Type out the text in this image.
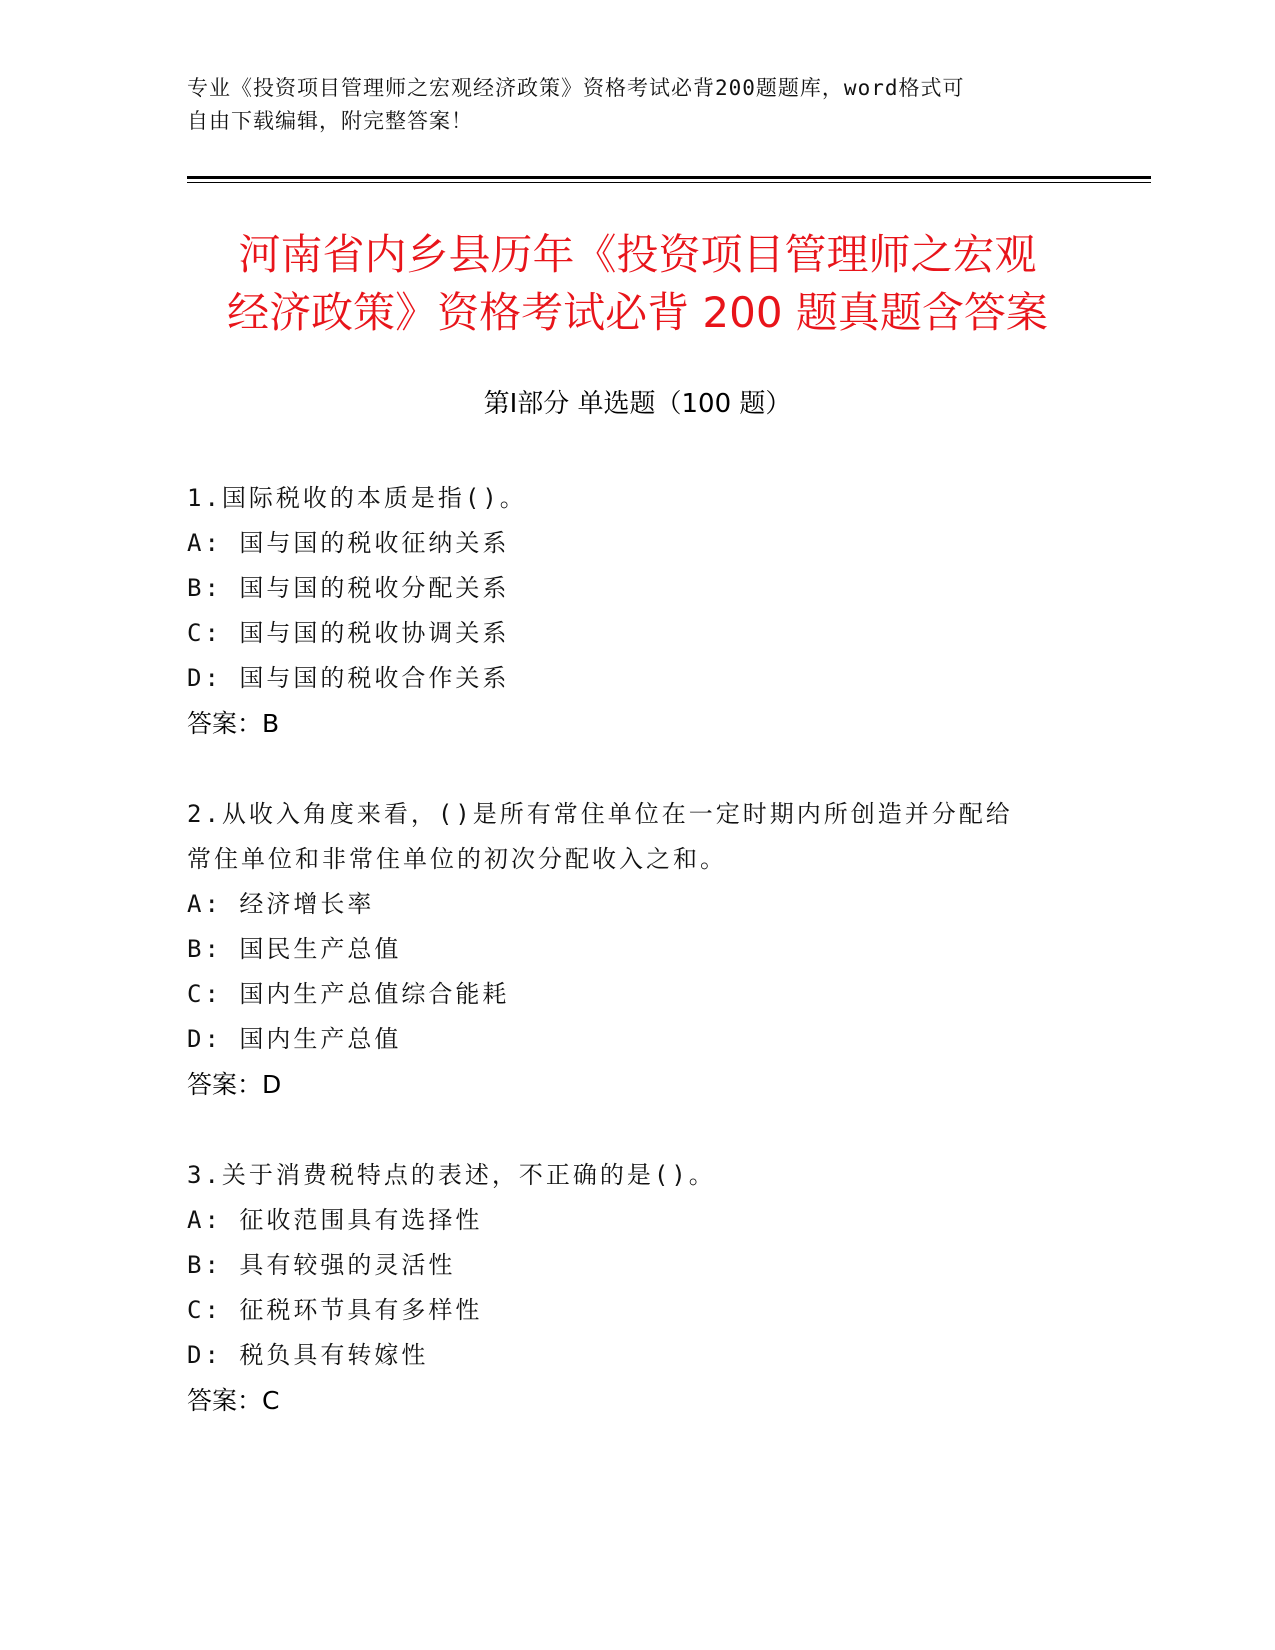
专业《投资项目管理师之宏观经济政策》资格考试必背200题题库，word格式可
自由下载编辑，附完整答案！
河南省内乡县历年《投资项目管理师之宏观
经济政策》资格考试必背 200 题真题含答案
第Ⅰ部分 单选题（100 题）
1.国际税收的本质是指()。
A: 国与国的税收征纳关系
B: 国与国的税收分配关系
C: 国与国的税收协调关系
D: 国与国的税收合作关系
答案：B
2.从收入角度来看，()是所有常住单位在一定时期内所创造并分配给
常住单位和非常住单位的初次分配收入之和。
A: 经济增长率
B: 国民生产总值
C: 国内生产总值综合能耗
D: 国内生产总值
答案：D
3.关于消费税特点的表述，不正确的是()。
A: 征收范围具有选择性
B: 具有较强的灵活性
C: 征税环节具有多样性
D: 税负具有转嫁性
答案：C
